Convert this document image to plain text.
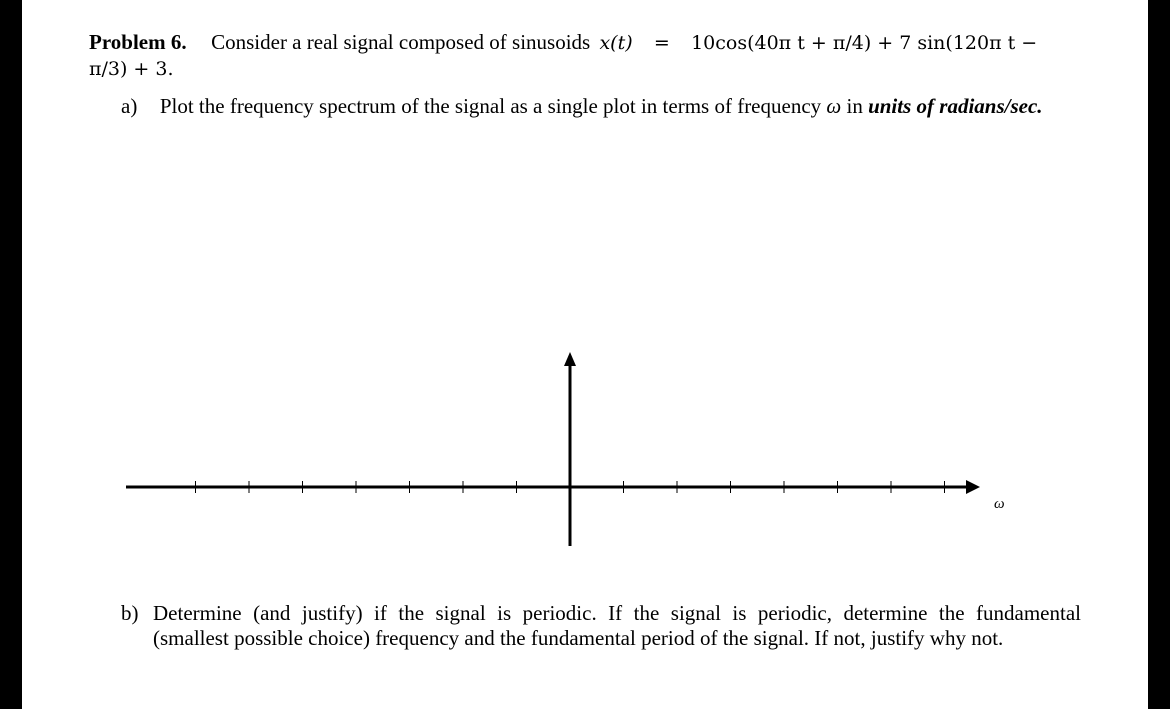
Problem 6. Consider a real signal composed of sinusoids x(t) = 10cos(40π t + π/4) + 7 sin(120π t −
π/3) + 3.
a) Plot the frequency spectrum of the signal as a single plot in terms of frequency ω in units of radians/sec.
ω
b) Determine (and justify) if the signal is periodic. If the signal is periodic, determine the fundamental
(smallest possible choice) frequency and the fundamental period of the signal. If not, justify why not.
